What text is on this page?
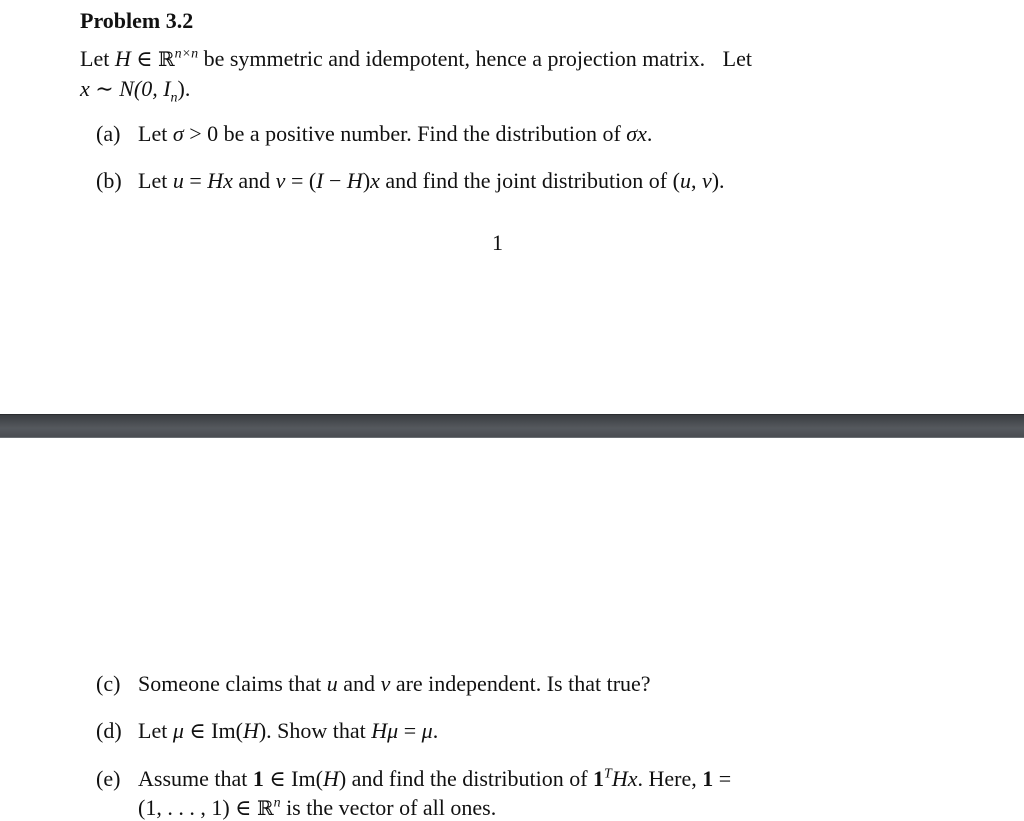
Problem 3.2
Let H ∈ ℝ$^{n\times n}$ be symmetric and idempotent, hence a projection matrix. Let
x ∼ N(0, $I_n$).
(a) Let σ > 0 be a positive number. Find the distribution of σx.
(b) Let u = Hx and v = (I − H)x and find the joint distribution of (u, v).
1
(c) Someone claims that u and v are independent. Is that true?
(d) Let μ ∈ Im(H). Show that Hμ = μ.
(e) Assume that 1 ∈ Im(H) and find the distribution of $1^THx$. Here, 1 =
(1, . . . , 1) ∈ ℝ$^n$ is the vector of all ones.
